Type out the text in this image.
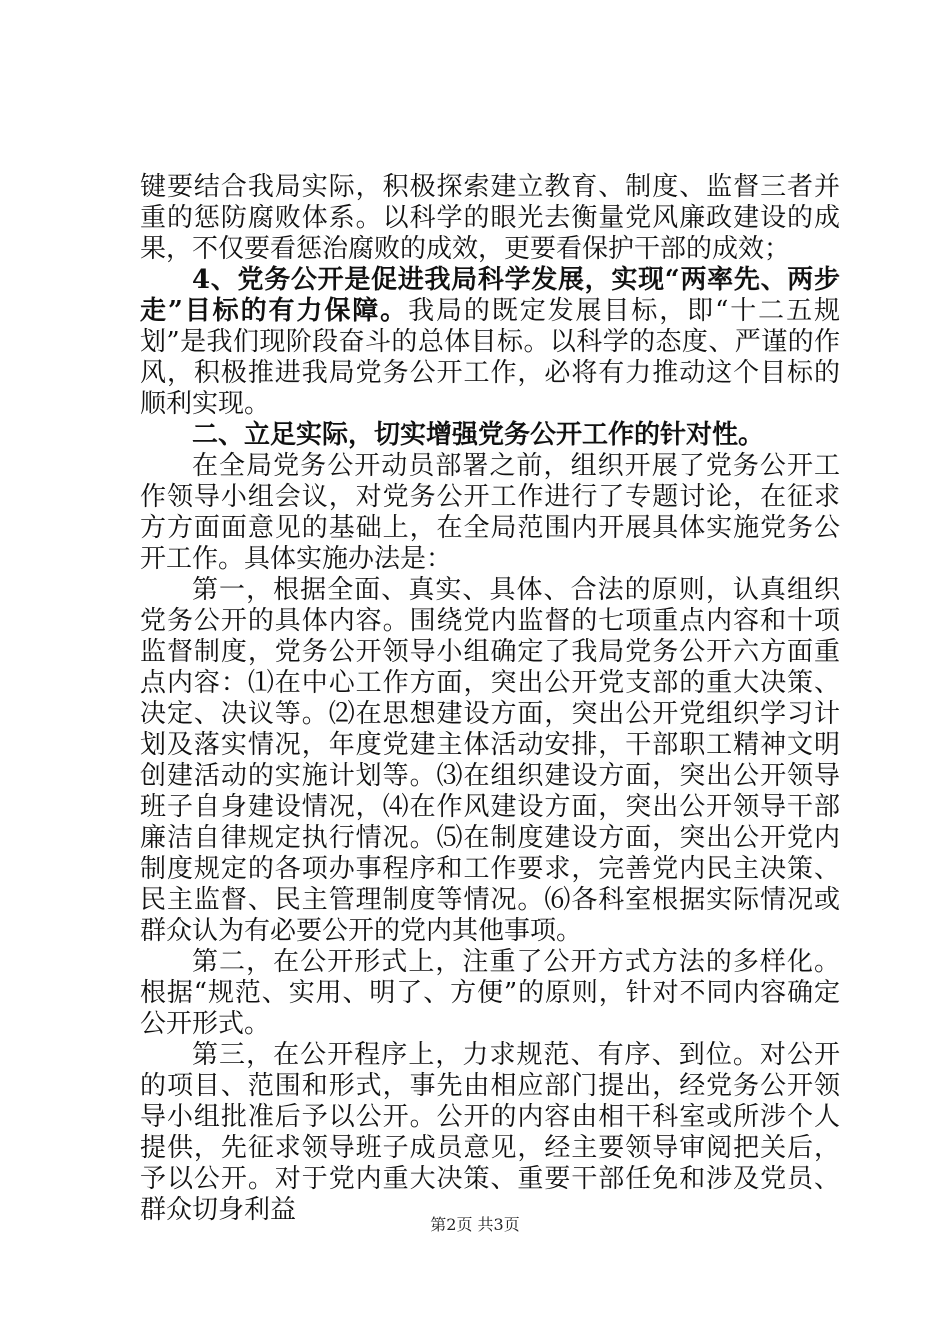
键要结合我局实际，积极探索建立教育、制度、监督三者并重的惩防腐败体系。以科学的眼光去衡量党风廉政建设的成果，不仅要看惩治腐败的成效，更要看保护干部的成效；

4、党务公开是促进我局科学发展，实现“两率先、两步走”目标的有力保障。我局的既定发展目标，即“十二五规划”是我们现阶段奋斗的总体目标。以科学的态度、严谨的作风，积极推进我局党务公开工作，必将有力推动这个目标的顺利实现。

二、立足实际，切实增强党务公开工作的针对性。

在全局党务公开动员部署之前，组织开展了党务公开工作领导小组会议，对党务公开工作进行了专题讨论，在征求方方面面意见的基础上，在全局范围内开展具体实施党务公开工作。具体实施办法是：

第一，根据全面、真实、具体、合法的原则，认真组织党务公开的具体内容。围绕党内监督的七项重点内容和十项监督制度，党务公开领导小组确定了我局党务公开六方面重点内容：⑴在中心工作方面，突出公开党支部的重大决策、决定、决议等。⑵在思想建设方面，突出公开党组织学习计划及落实情况，年度党建主体活动安排，干部职工精神文明创建活动的实施计划等。⑶在组织建设方面，突出公开领导班子自身建设情况，⑷在作风建设方面，突出公开领导干部廉洁自律规定执行情况。⑸在制度建设方面，突出公开党内制度规定的各项办事程序和工作要求，完善党内民主决策、民主监督、民主管理制度等情况。⑹各科室根据实际情况或群众认为有必要公开的党内其他事项。

第二，在公开形式上，注重了公开方式方法的多样化。根据“规范、实用、明了、方便”的原则，针对不同内容确定公开形式。

第三，在公开程序上，力求规范、有序、到位。对公开的项目、范围和形式，事先由相应部门提出，经党务公开领导小组批准后予以公开。公开的内容由相干科室或所涉个人提供，先征求领导班子成员意见，经主要领导审阅把关后，予以公开。对于党内重大决策、重要干部任免和涉及党员、群众切身利益	第2页 共3页
